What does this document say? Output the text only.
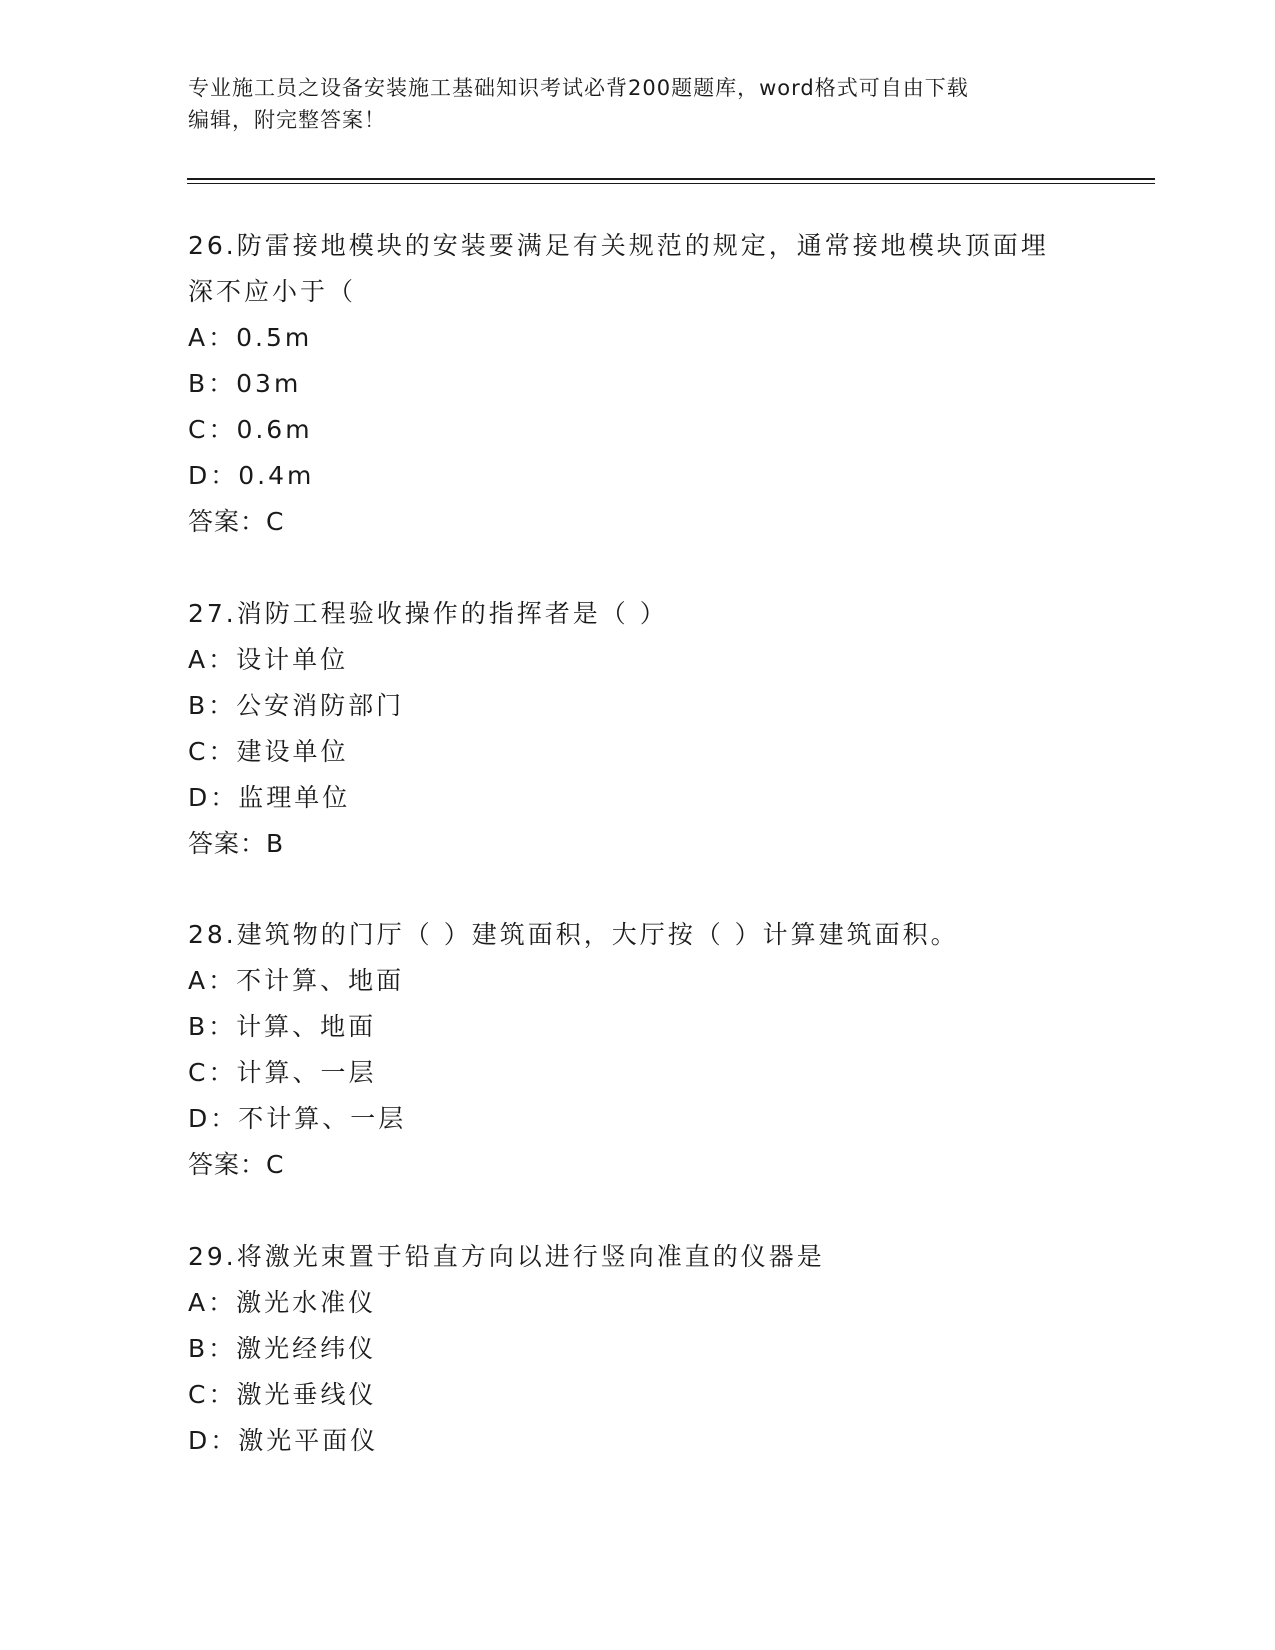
专业施工员之设备安装施工基础知识考试必背200题题库，word格式可自由下载
编辑，附完整答案！

26.防雷接地模块的安装要满足有关规范的规定，通常接地模块顶面埋

深不应小于（

A：0.5m

B：03m

C：0.6m

D：0.4m

答案：C

27.消防工程验收操作的指挥者是（ ）

A：设计单位

B：公安消防部门

C：建设单位

D：监理单位

答案：B

28.建筑物的门厅（ ）建筑面积，大厅按（ ）计算建筑面积。

A：不计算、地面

B：计算、地面

C：计算、一层

D：不计算、一层

答案：C

29.将激光束置于铅直方向以进行竖向准直的仪器是

A：激光水准仪

B：激光经纬仪

C：激光垂线仪

D：激光平面仪
